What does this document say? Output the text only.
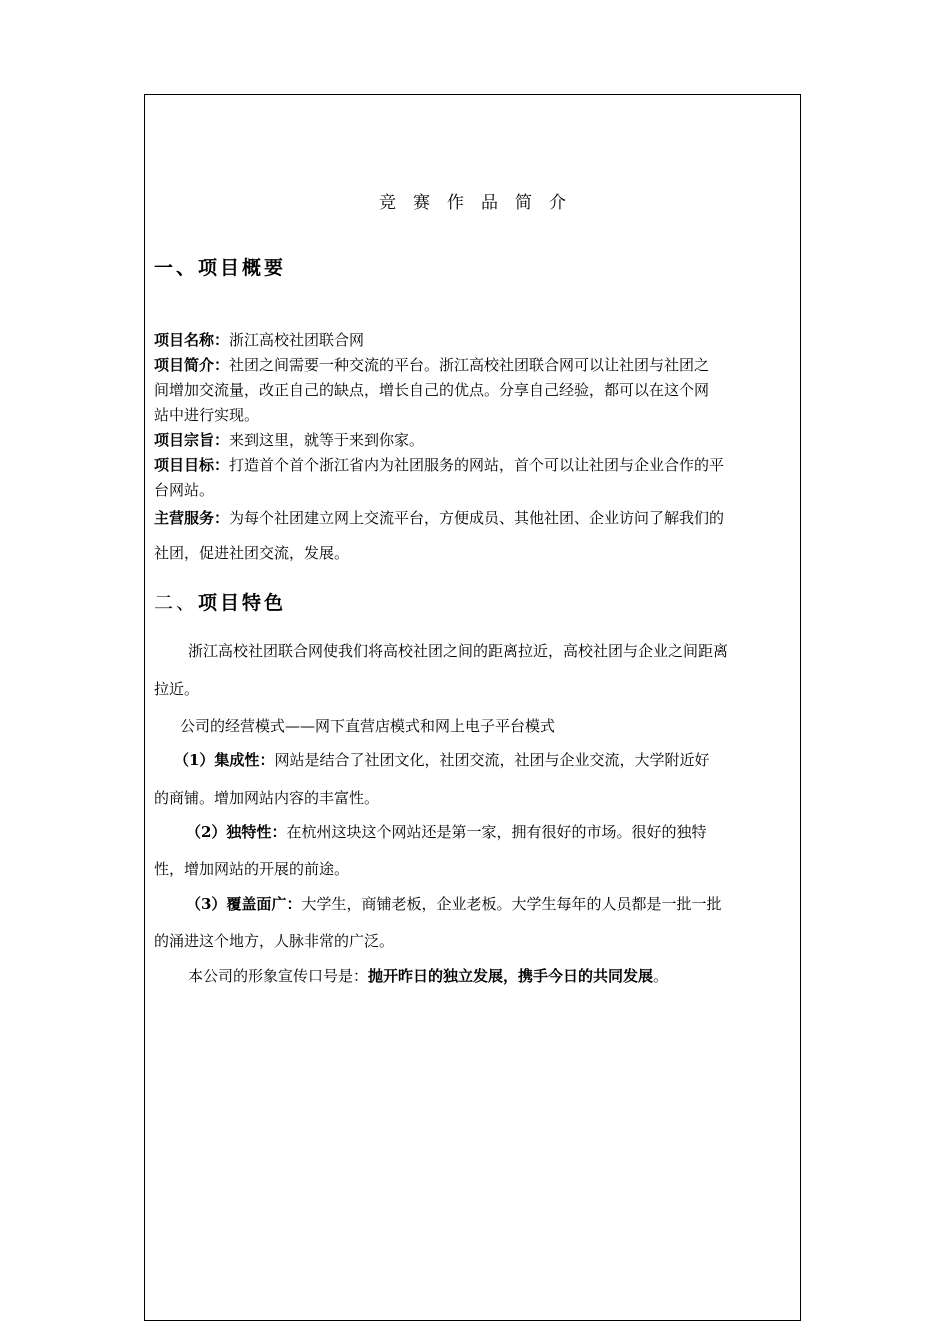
竞赛作品简介
一、项目概要
项目名称：浙江高校社团联合网
项目简介：社团之间需要一种交流的平台。浙江高校社团联合网可以让社团与社团之
间增加交流量，改正自己的缺点，增长自己的优点。分享自己经验，都可以在这个网
站中进行实现。
项目宗旨：来到这里，就等于来到你家。
项目目标：打造首个首个浙江省内为社团服务的网站，首个可以让社团与企业合作的平
台网站。
主营服务：为每个社团建立网上交流平台，方便成员、其他社团、企业访问了解我们的
社团，促进社团交流，发展。
二、项目特色
浙江高校社团联合网使我们将高校社团之间的距离拉近，高校社团与企业之间距离
拉近。
公司的经营模式——网下直营店模式和网上电子平台模式
（1）集成性：网站是结合了社团文化，社团交流，社团与企业交流，大学附近好
的商铺。增加网站内容的丰富性。
（2）独特性：在杭州这块这个网站还是第一家，拥有很好的市场。很好的独特
性，增加网站的开展的前途。
（3）覆盖面广：大学生，商铺老板，企业老板。大学生每年的人员都是一批一批
的涌进这个地方，人脉非常的广泛。
本公司的形象宣传口号是：抛开昨日的独立发展，携手今日的共同发展。
